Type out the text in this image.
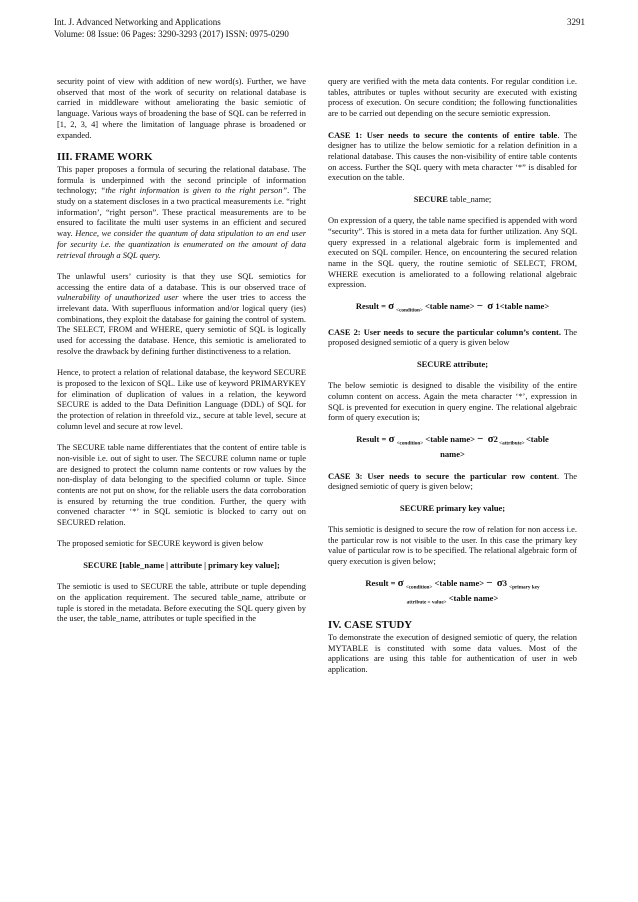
Int. J. Advanced Networking and Applications
Volume: 08 Issue: 06 Pages: 3290-3293 (2017) ISSN: 0975-0290
3291

security point of view with addition of new word(s). Further, we have observed that most of the work of security on relational database is carried in middleware without ameliorating the basic semiotic of language. Various ways of broadening the base of SQL can be referred in [1, 2, 3, 4] where the limitation of language phrase is broadened or expanded.

III. FRAME WORK

This paper proposes a formula of securing the relational database. The formula is underpinned with the second principle of information technology; “the right information is given to the right person”. The study on a statement discloses in a two practical measurements i.e. “right information’, “right person”. These practical measurements are to be ensured to facilitate the multi user systems in an efficient and secured way. Hence, we consider the quantum of data stipulation to an end user for security i.e. the quantization is enumerated on the amount of data retrieval through a SQL query.

The unlawful users’ curiosity is that they use SQL semiotics for accessing the entire data of a database. This is our observed trace of vulnerability of unauthorized user where the user tries to access the irrelevant data. With superfluous information and/or logical query (ies) combinations, they exploit the database for gaining the control of system. The SELECT, FROM and WHERE, query semiotic of SQL is logically used for accessing the database. Hence, this semiotic is ameliorated to resolve the drawback by defining further distinctiveness to a relation.

Hence, to protect a relation of relational database, the keyword SECURE is proposed to the lexicon of SQL. Like use of keyword PRIMARYKEY for elimination of duplication of values in a relation, the keyword SECURE is added to the Data Definition Language (DDL) of SQL for the protection of relation in threefold viz., secure at table level, secure at column level and secure at row level.

The SECURE table name differentiates that the content of entire table is non-visible i.e. out of sight to user. The SECURE column name or tuple are designed to protect the column name contents or row values by the non-display of data belonging to the specified column or tuple. Since contents are not put on show, for the reliable users the data corroboration is ensured by returning the true condition. Further, the query with convened character ‘*’ in SQL semiotic is blocked to carry out on SECURED relation.

The proposed semiotic for SECURE keyword is given below

SECURE [table_name | attribute | primary key value];

The semiotic is used to SECURE the table, attribute or tuple depending on the application requirement. The secured table_name, attribute or tuple is stored in the metadata. Before executing the SQL query given by the user, the table_name, attributes or tuple specified in the

query are verified with the meta data contents. For regular condition i.e. tables, attributes or tuples without security are executed with existing process of execution. On secure condition; the following functionalities are to be carried out depending on the secure semiotic expression.

CASE 1: User needs to secure the contents of entire table. The designer has to utilize the below semiotic for a relation definition in a relational database. This causes the non-visibility of entire table contents on access. Further the SQL query with meta character ‘*” is disabled for execution on the table.

SECURE table_name;

On expression of a query, the table name specified is appended with word “security”. This is stored in a meta data for further utilization. Any SQL query expressed in a relational algebraic form is implemented and executed on SQL compiler. Hence, on encountering the secured relation name in the SQL query, the routine semiotic of SELECT, FROM, WHERE execution is ameliorated to a following relational algebraic expression.

Result = σ $_{<condition>}$ <table name> − σ 1<table name>

CASE 2: User needs to secure the particular column’s content. The proposed designed semiotic of a query is given below

SECURE attribute;

The below semiotic is designed to disable the visibility of the entire column content on access. Again the meta character ‘*’, expression in SQL is prevented for execution in query engine. The relational algebraic form of query execution is;

Result = σ $_{<condition>}$ <table name> − σ2 $_{<attribute>}$ <table
name>

CASE 3: User needs to secure the particular row content. The designed semiotic of query is given below;

SECURE primary key value;

This semiotic is designed to secure the row of relation for non access i.e. the particular row is not visible to the user. In this case the primary key value of particular row is to be specified. The relational algebraic form of query execution is given below;

Result = σ $_{<condition>}$ <table name> − σ3 $_{<primary key}$
$_{attribute = value>}$ <table name>
IV. CASE STUDY

To demonstrate the execution of designed semiotic of query, the relation MYTABLE is constituted with some data values. Most of the applications are using this table for authentication of user in web application.
